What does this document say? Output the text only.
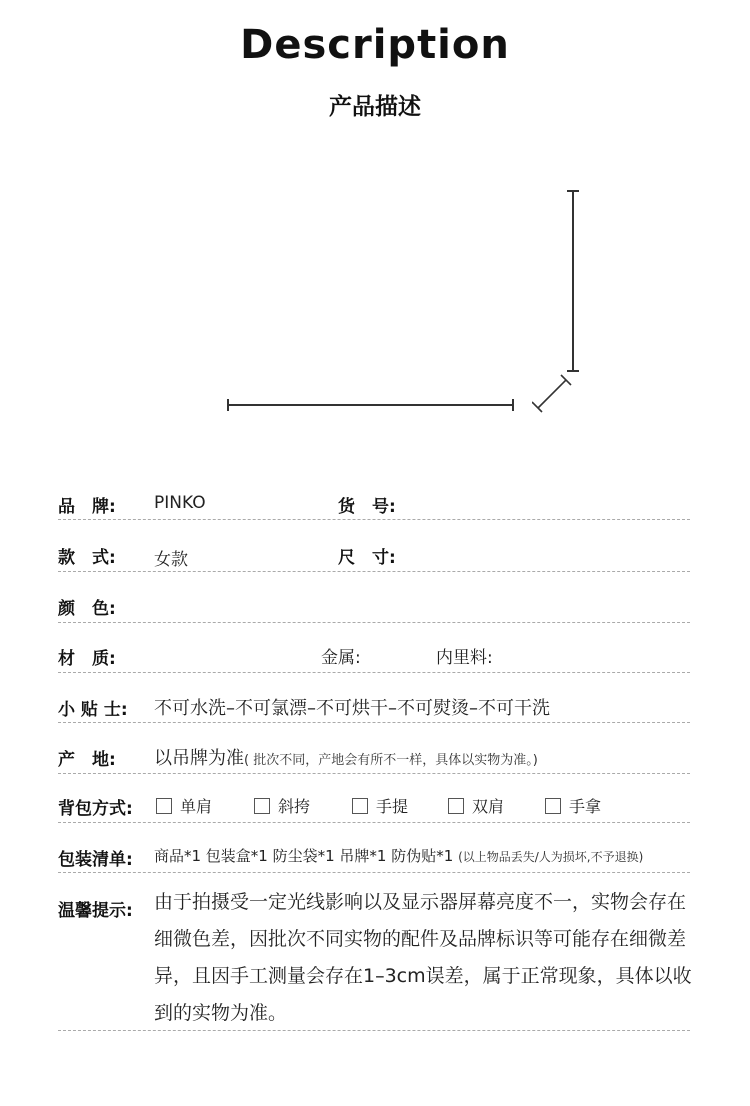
Description
产品描述
品　牌: PINKO	货　号:
款　式: 女款	尺　寸:
颜　色:
材　质:	金属:	内里料:
小 贴 士: 不可水洗–不可氯漂–不可烘干–不可熨烫–不可干洗
产　地: 以吊牌为准( 批次不同，产地会有所不一样，具体以实物为准。)
背包方式:	单肩	斜挎	手提	双肩	手拿
包装清单: 商品*1 包装盒*1 防尘袋*1 吊牌*1 防伪贴*1 (以上物品丢失/人为损坏,不予退换)
温馨提示: 由于拍摄受一定光线影响以及显示器屏幕亮度不一，实物会存在细微色差，因批次不同实物的配件及品牌标识等可能存在细微差异，且因手工测量会存在1–3cm误差，属于正常现象，具体以收到的实物为准。
